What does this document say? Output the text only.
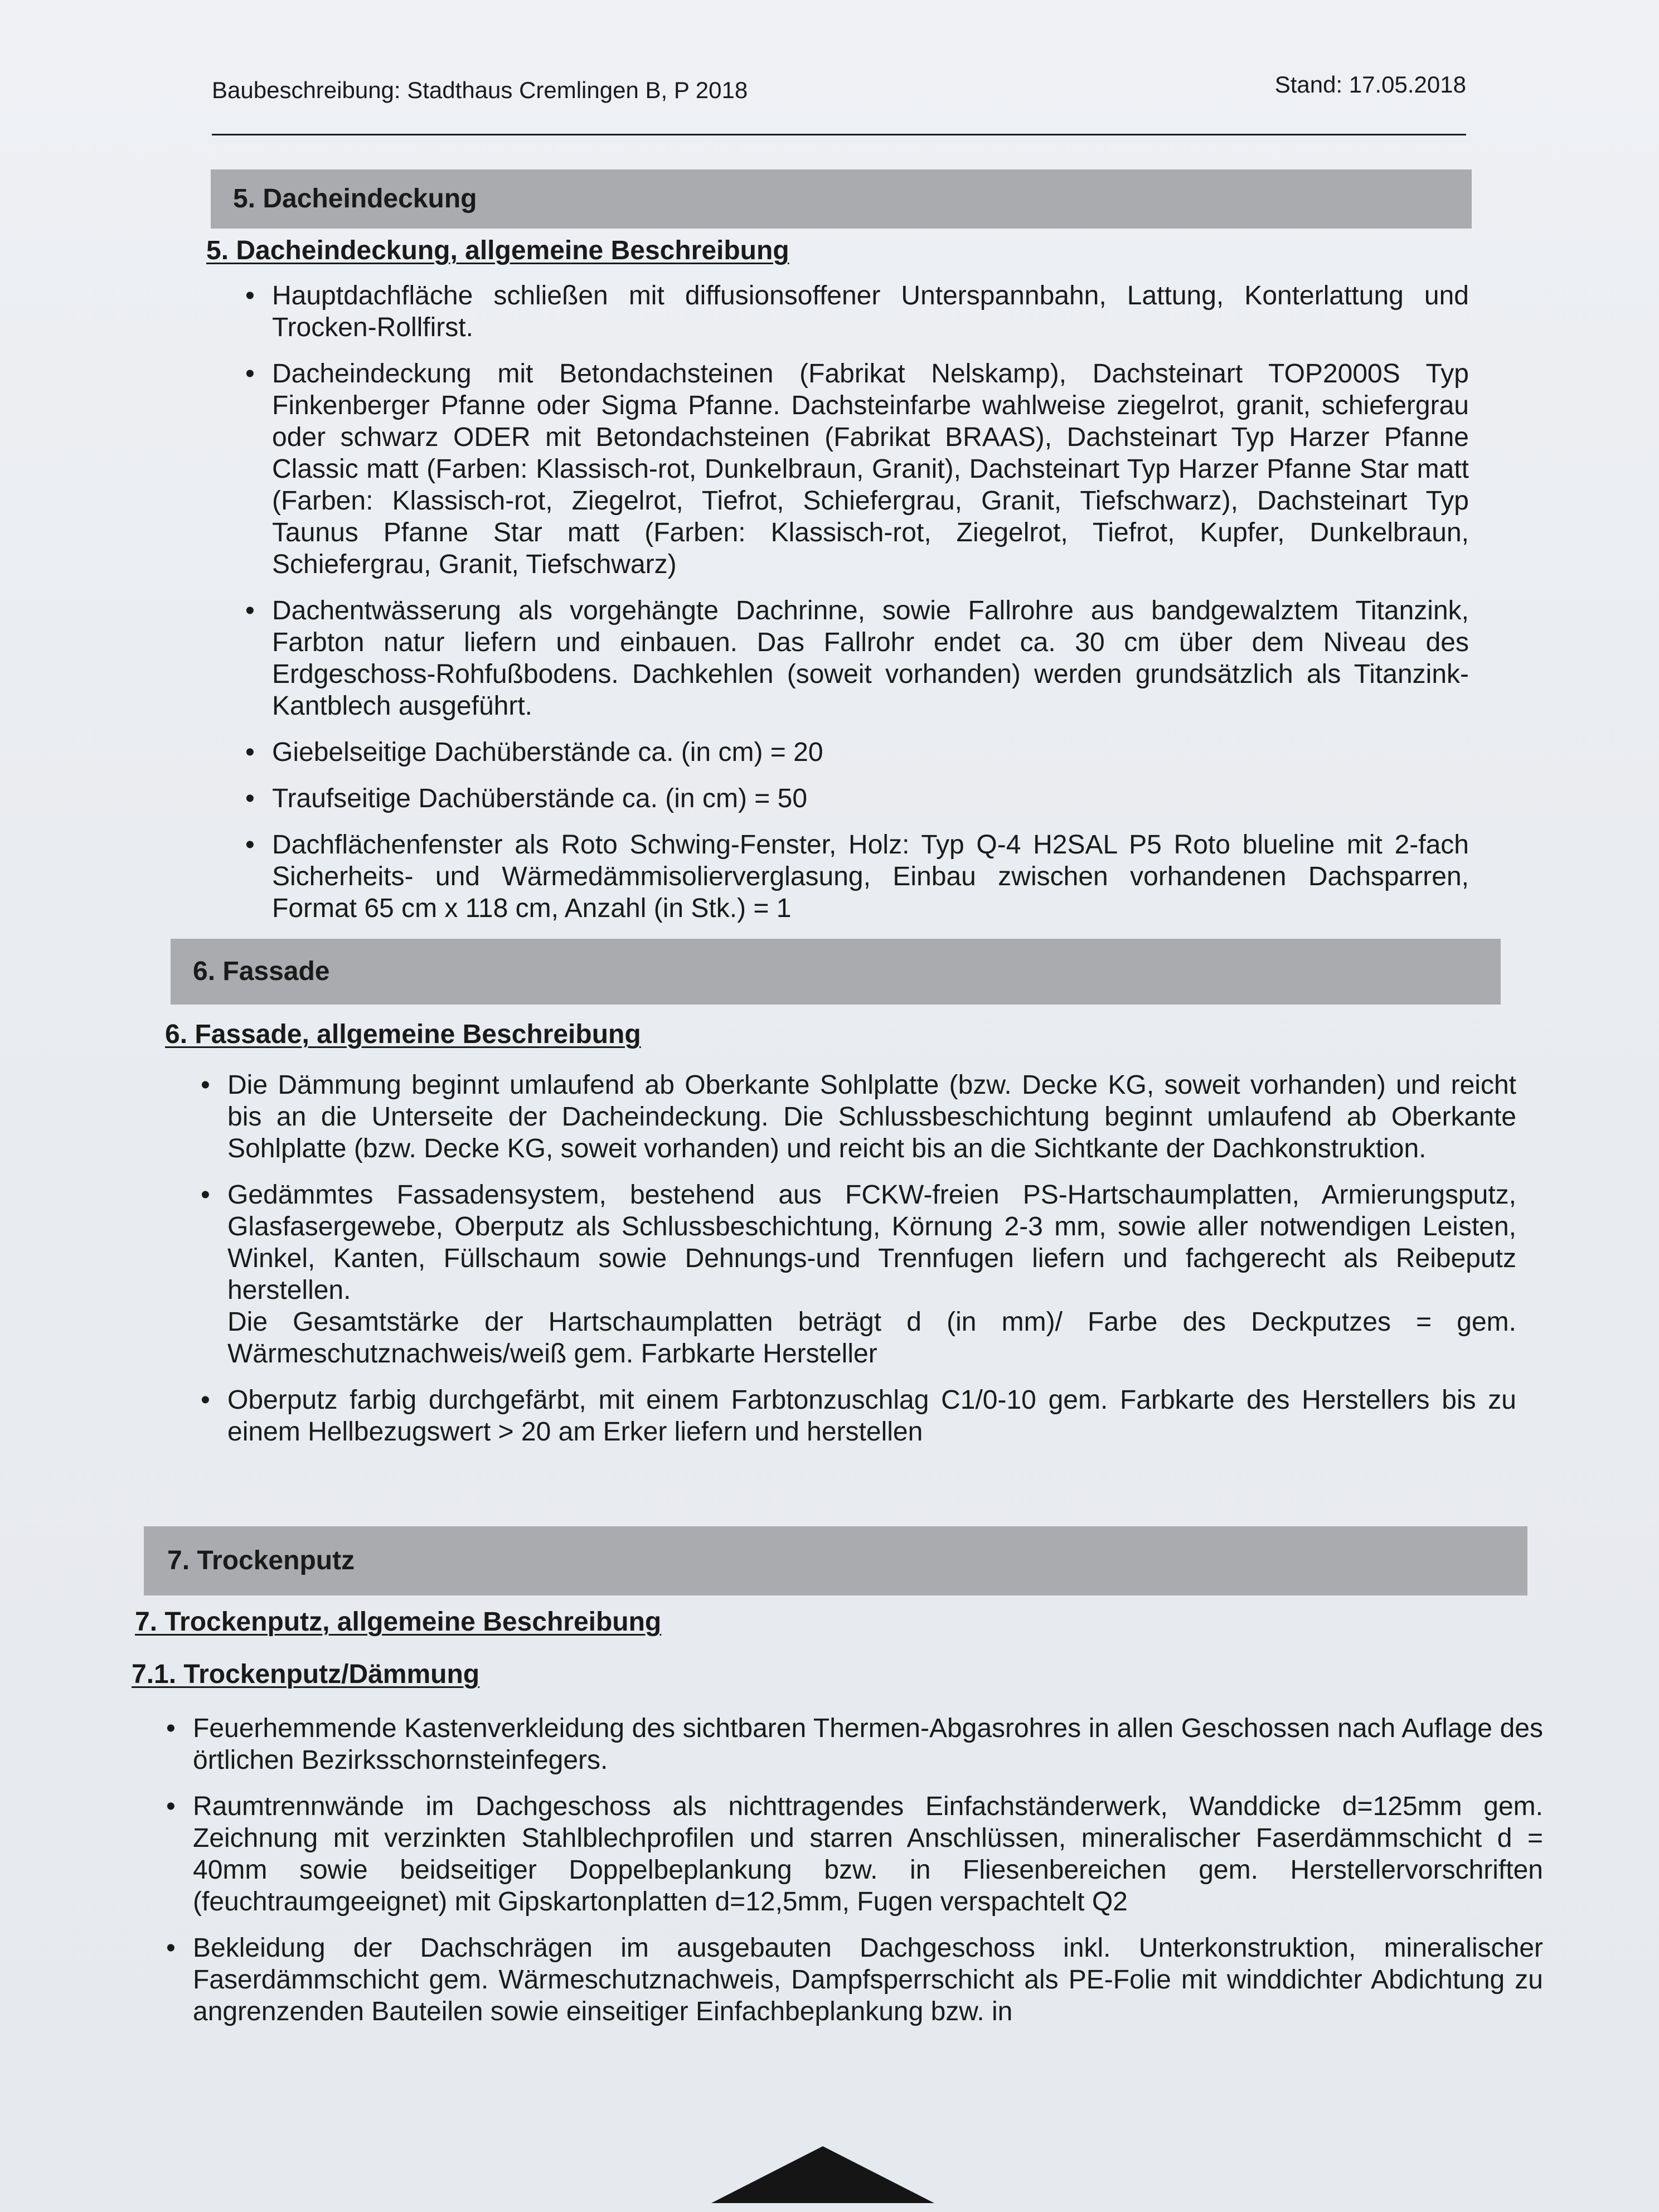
Baubeschreibung: Stadthaus Cremlingen B, P 2018	Stand: 17.05.2018
5. Dacheindeckung
5. Dacheindeckung, allgemeine Beschreibung
• Hauptdachfläche schließen mit diffusionsoffener Unterspannbahn, Lattung, Konterlattung und Trocken-Rollfirst.
• Dacheindeckung mit Betondachsteinen (Fabrikat Nelskamp), Dachsteinart TOP2000S Typ Finkenberger Pfanne oder Sigma Pfanne. Dachsteinfarbe wahlweise ziegelrot, granit, schiefergrau oder schwarz ODER mit Betondachsteinen (Fabrikat BRAAS), Dachsteinart Typ Harzer Pfanne Classic matt (Farben: Klassisch-rot, Dunkelbraun, Granit), Dachsteinart Typ Harzer Pfanne Star matt (Farben: Klassisch-rot, Ziegelrot, Tiefrot, Schiefergrau, Granit, Tiefschwarz), Dachsteinart Typ Taunus Pfanne Star matt (Farben: Klassisch-rot, Ziegelrot, Tiefrot, Kupfer, Dunkelbraun, Schiefergrau, Granit, Tiefschwarz)
• Dachentwässerung als vorgehängte Dachrinne, sowie Fallrohre aus bandgewalztem Titanzink, Farbton natur liefern und einbauen. Das Fallrohr endet ca. 30 cm über dem Niveau des Erdgeschoss-Rohfußbodens. Dachkehlen (soweit vorhanden) werden grundsätzlich als Titanzink-Kantblech ausgeführt.
• Giebelseitige Dachüberstände ca. (in cm) = 20
• Traufseitige Dachüberstände ca. (in cm) = 50
• Dachflächenfenster als Roto Schwing-Fenster, Holz: Typ Q-4 H2SAL P5 Roto blueline mit 2-fach Sicherheits- und Wärmedämmisolierverglasung, Einbau zwischen vorhandenen Dachsparren, Format 65 cm x 118 cm, Anzahl (in Stk.) = 1
6. Fassade
6. Fassade, allgemeine Beschreibung
• Die Dämmung beginnt umlaufend ab Oberkante Sohlplatte (bzw. Decke KG, soweit vorhanden) und reicht bis an die Unterseite der Dacheindeckung. Die Schlussbeschichtung beginnt umlaufend ab Oberkante Sohlplatte (bzw. Decke KG, soweit vorhanden) und reicht bis an die Sichtkante der Dachkonstruktion.
• Gedämmtes Fassadensystem, bestehend aus FCKW-freien PS-Hartschaumplatten, Armierungsputz, Glasfasergewebe, Oberputz als Schlussbeschichtung, Körnung 2-3 mm, sowie aller notwendigen Leisten, Winkel, Kanten, Füllschaum sowie Dehnungs-und Trennfugen liefern und fachgerecht als Reibeputz herstellen.
Die Gesamtstärke der Hartschaumplatten beträgt d (in mm)/ Farbe des Deckputzes = gem. Wärmeschutznachweis/weiß gem. Farbkarte Hersteller
• Oberputz farbig durchgefärbt, mit einem Farbtonzuschlag C1/0-10 gem. Farbkarte des Herstellers bis zu einem Hellbezugswert > 20 am Erker liefern und herstellen
7. Trockenputz
7. Trockenputz, allgemeine Beschreibung
7.1. Trockenputz/Dämmung
• Feuerhemmende Kastenverkleidung des sichtbaren Thermen-Abgasrohres in allen Geschossen nach Auflage des örtlichen Bezirksschornsteinfegers.
• Raumtrennwände im Dachgeschoss als nichttragendes Einfachständerwerk, Wanddicke d=125mm gem. Zeichnung mit verzinkten Stahlblechprofilen und starren Anschlüssen, mineralischer Faserdämmschicht d = 40mm sowie beidseitiger Doppelbeplankung bzw. in Fliesenbereichen gem. Herstellervorschriften (feuchtraumgeeignet) mit Gipskartonplatten d=12,5mm, Fugen verspachtelt Q2
• Bekleidung der Dachschrägen im ausgebauten Dachgeschoss inkl. Unterkonstruktion, mineralischer Faserdämmschicht gem. Wärmeschutznachweis, Dampfsperrschicht als PE-Folie mit winddichter Abdichtung zu angrenzenden Bauteilen sowie einseitiger Einfachbeplankung bzw. in
